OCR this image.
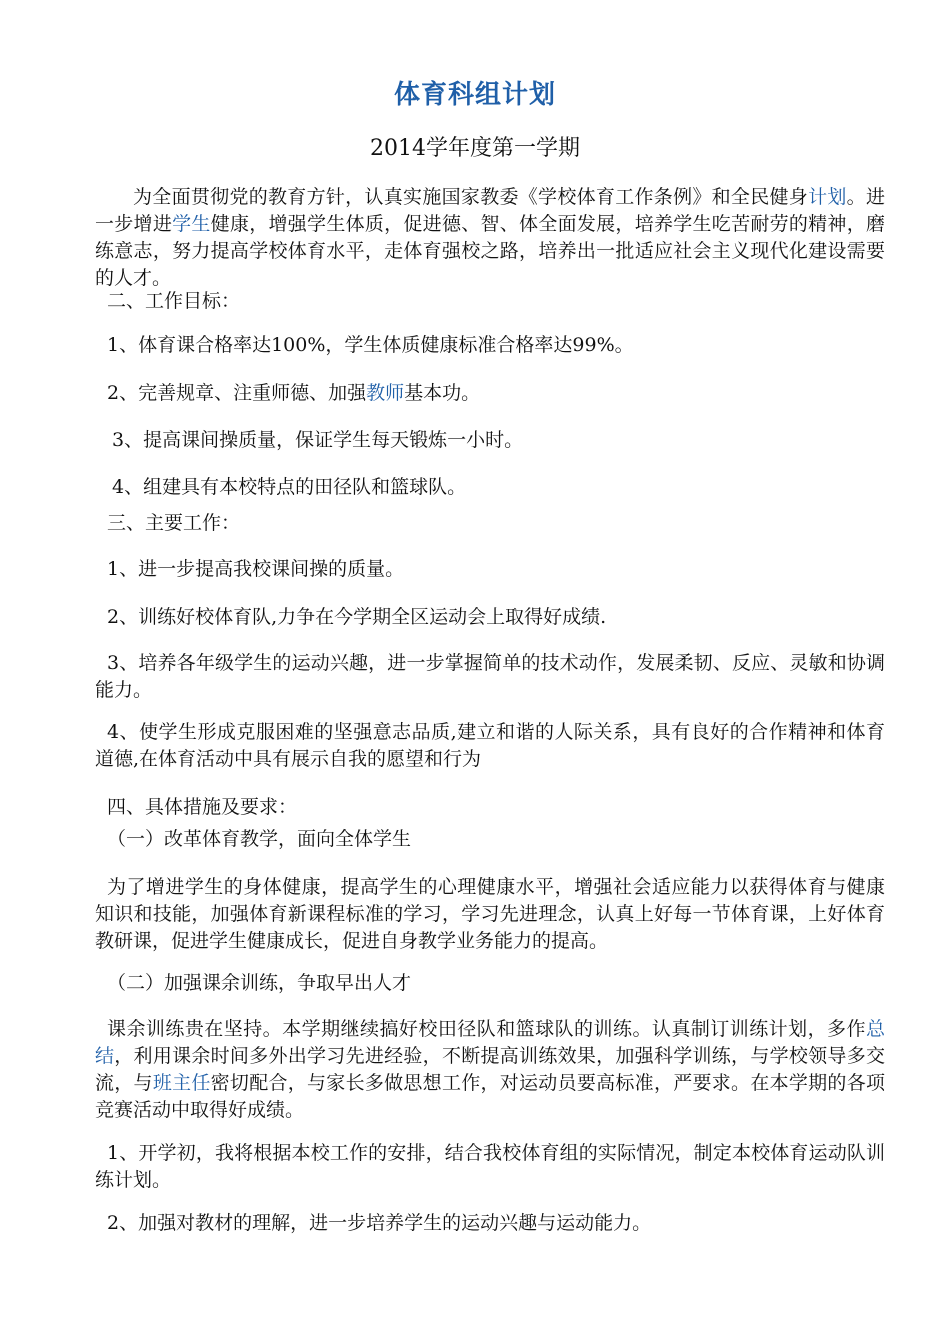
体育科组计划
2014学年度第一学期

为全面贯彻党的教育方针，认真实施国家教委《学校体育工作条例》和全民健身计划。进一步增进学生健康，增强学生体质，促进德、智、体全面发展，培养学生吃苦耐劳的精神，磨练意志，努力提高学校体育水平，走体育强校之路，培养出一批适应社会主义现代化建设需要的人才。

二、工作目标：

1、体育课合格率达100%，学生体质健康标准合格率达99%。

2、完善规章、注重师德、加强教师基本功。

3、提高课间操质量，保证学生每天锻炼一小时。

4、组建具有本校特点的田径队和篮球队。

三、主要工作：

1、进一步提高我校课间操的质量。

2、训练好校体育队,力争在今学期全区运动会上取得好成绩.

3、培养各年级学生的运动兴趣，进一步掌握简单的技术动作，发展柔韧、反应、灵敏和协调能力。

4、使学生形成克服困难的坚强意志品质,建立和谐的人际关系，具有良好的合作精神和体育道德,在体育活动中具有展示自我的愿望和行为

四、具体措施及要求：

（一）改革体育教学，面向全体学生

为了增进学生的身体健康，提高学生的心理健康水平，增强社会适应能力以获得体育与健康知识和技能，加强体育新课程标准的学习，学习先进理念，认真上好每一节体育课，上好体育教研课，促进学生健康成长，促进自身教学业务能力的提高。

（二）加强课余训练，争取早出人才

课余训练贵在坚持。本学期继续搞好校田径队和篮球队的训练。认真制订训练计划，多作总结，利用课余时间多外出学习先进经验，不断提高训练效果，加强科学训练，与学校领导多交流，与班主任密切配合，与家长多做思想工作，对运动员要高标准，严要求。在本学期的各项竞赛活动中取得好成绩。

1、开学初，我将根据本校工作的安排，结合我校体育组的实际情况，制定本校体育运动队训练计划。

2、加强对教材的理解，进一步培养学生的运动兴趣与运动能力。
